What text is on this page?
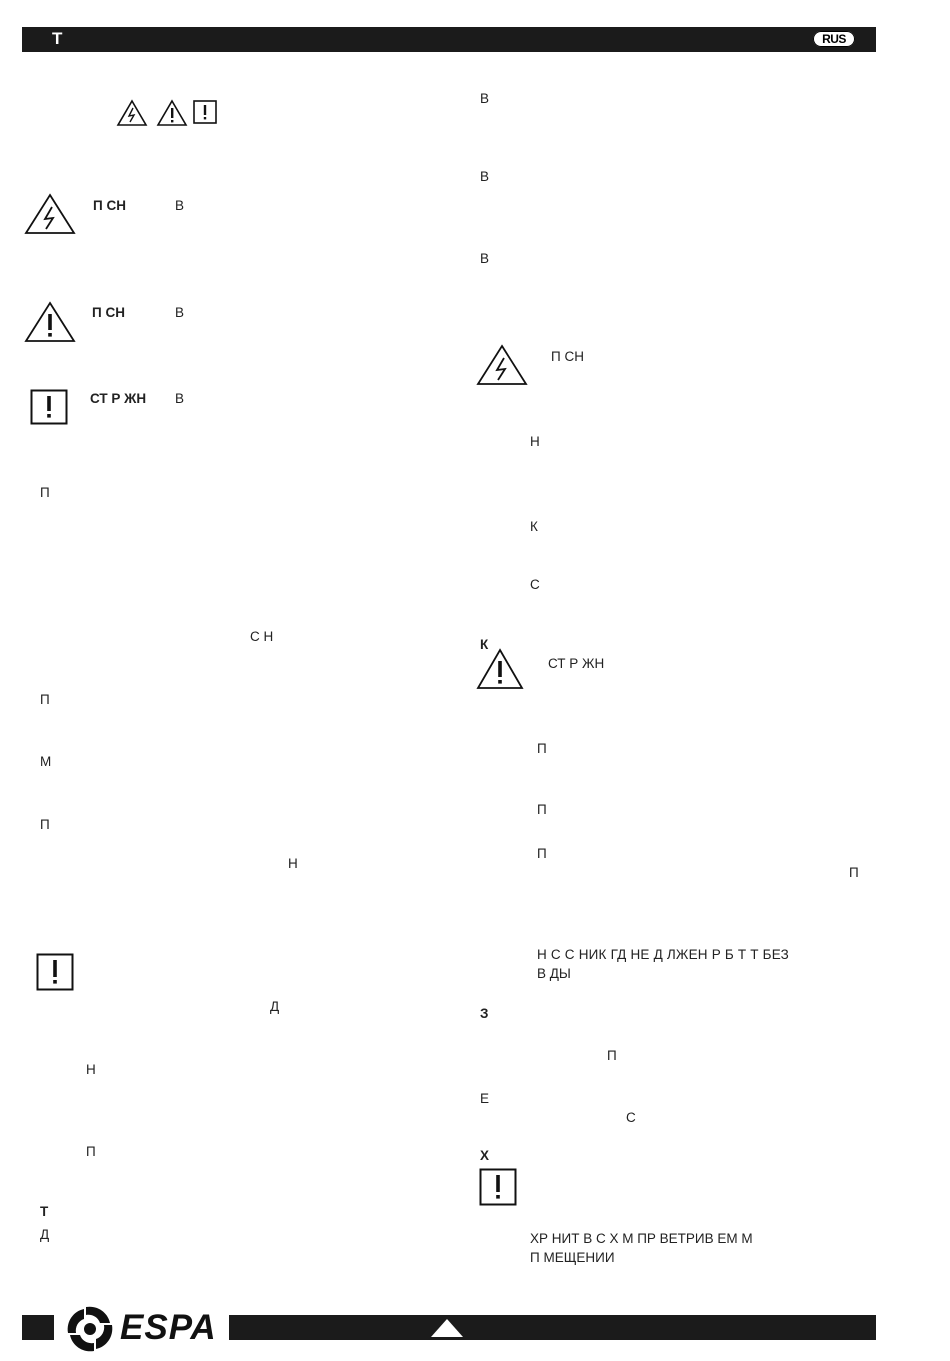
Т	RUS
П СН	В
П СН	В
СТ Р ЖН В
П
С Н
П
М
П
Н
Д
Н
П
Т
Д
В
В
В
П СН
Н
К
С
К
СТ Р ЖН
П
П
П
П
Н С С НИК ГД НЕ Д ЛЖЕН Р Б Т Т БЕЗ
В ДЫ
З
П
Е
С
Х
ХР НИТ В С Х М ПР ВЕТРИВ ЕМ М
П МЕЩЕНИИ
ESPA
